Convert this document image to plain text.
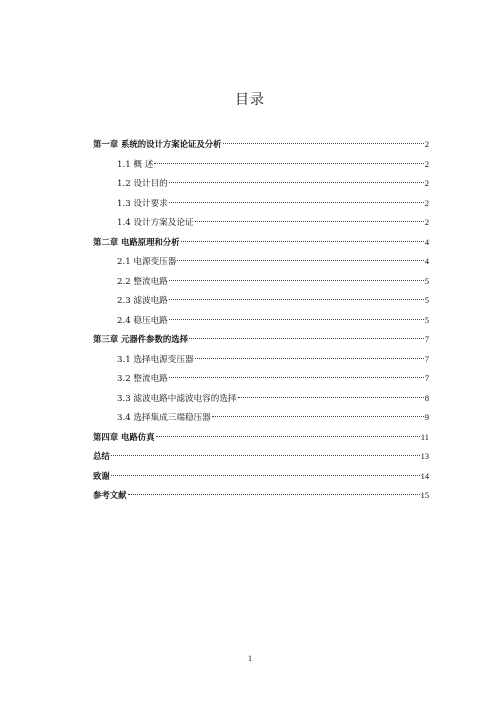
目录
第一章 系统的设计方案论证及分析	2
1.1 概 述	2
1.2 设计目的	2
1.3 设计要求	2
1.4 设计方案及论证	2
第二章 电路原理和分析	4
2.1 电源变压器	4
2.2 整流电路	5
2.3 滤波电路	5
2.4 稳压电路	5
第三章 元器件参数的选择	7
3.1 选择电源变压器	7
3.2 整流电路	7
3.3 滤波电路中滤波电容的选择	8
3.4 选择集成三端稳压器	9
第四章 电路仿真	11
总结	13
致谢	14
参考文献	15
1
